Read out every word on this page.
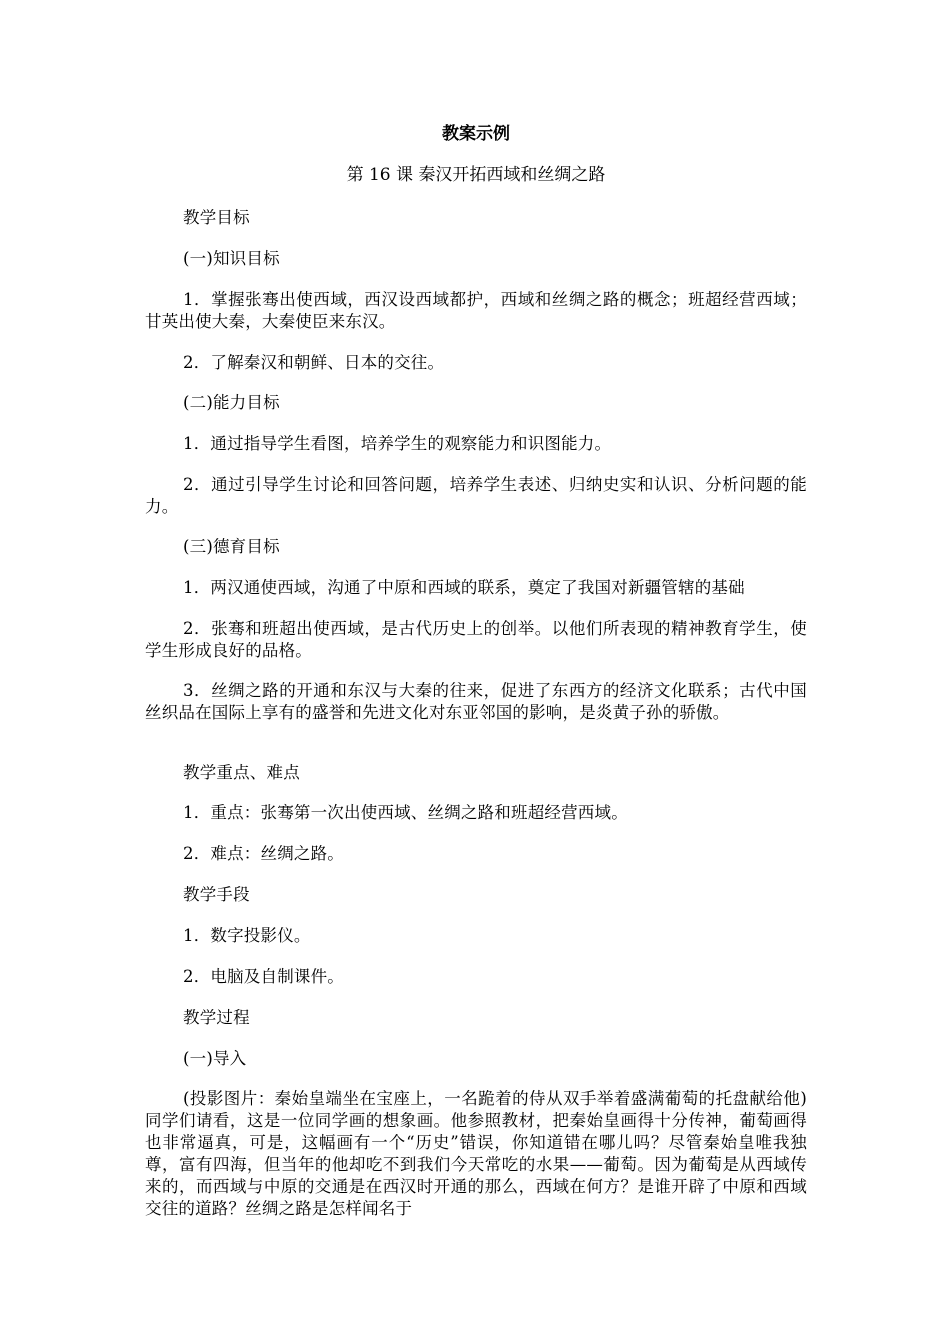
教案示例
第 16 课 秦汉开拓西域和丝绸之路

教学目标

(一)知识目标

1．掌握张骞出使西域，西汉设西域都护，西域和丝绸之路的概念；班超经营西域；甘英出使大秦，大秦使臣来东汉。

2．了解秦汉和朝鲜、日本的交往。

(二)能力目标

1．通过指导学生看图，培养学生的观察能力和识图能力。

2．通过引导学生讨论和回答问题，培养学生表述、归纳史实和认识、分析问题的能力。

(三)德育目标

1．两汉通使西域，沟通了中原和西域的联系，奠定了我国对新疆管辖的基础

2．张骞和班超出使西域，是古代历史上的创举。以他们所表现的精神教育学生，使学生形成良好的品格。

3．丝绸之路的开通和东汉与大秦的往来，促进了东西方的经济文化联系；古代中国丝织品在国际上享有的盛誉和先进文化对东亚邻国的影响，是炎黄子孙的骄傲。

教学重点、难点

1．重点：张骞第一次出使西域、丝绸之路和班超经营西域。

2．难点：丝绸之路。

教学手段

1．数字投影仪。

2．电脑及自制课件。

教学过程

(一)导入

(投影图片：秦始皇端坐在宝座上，一名跪着的侍从双手举着盛满葡萄的托盘献给他)同学们请看，这是一位同学画的想象画。他参照教材，把秦始皇画得十分传神，葡萄画得也非常逼真，可是，这幅画有一个“历史”错误，你知道错在哪儿吗？尽管秦始皇唯我独尊，富有四海，但当年的他却吃不到我们今天常吃的水果——葡萄。因为葡萄是从西域传来的，而西域与中原的交通是在西汉时开通的那么，西域在何方？是谁开辟了中原和西域交往的道路？丝绸之路是怎样闻名于
